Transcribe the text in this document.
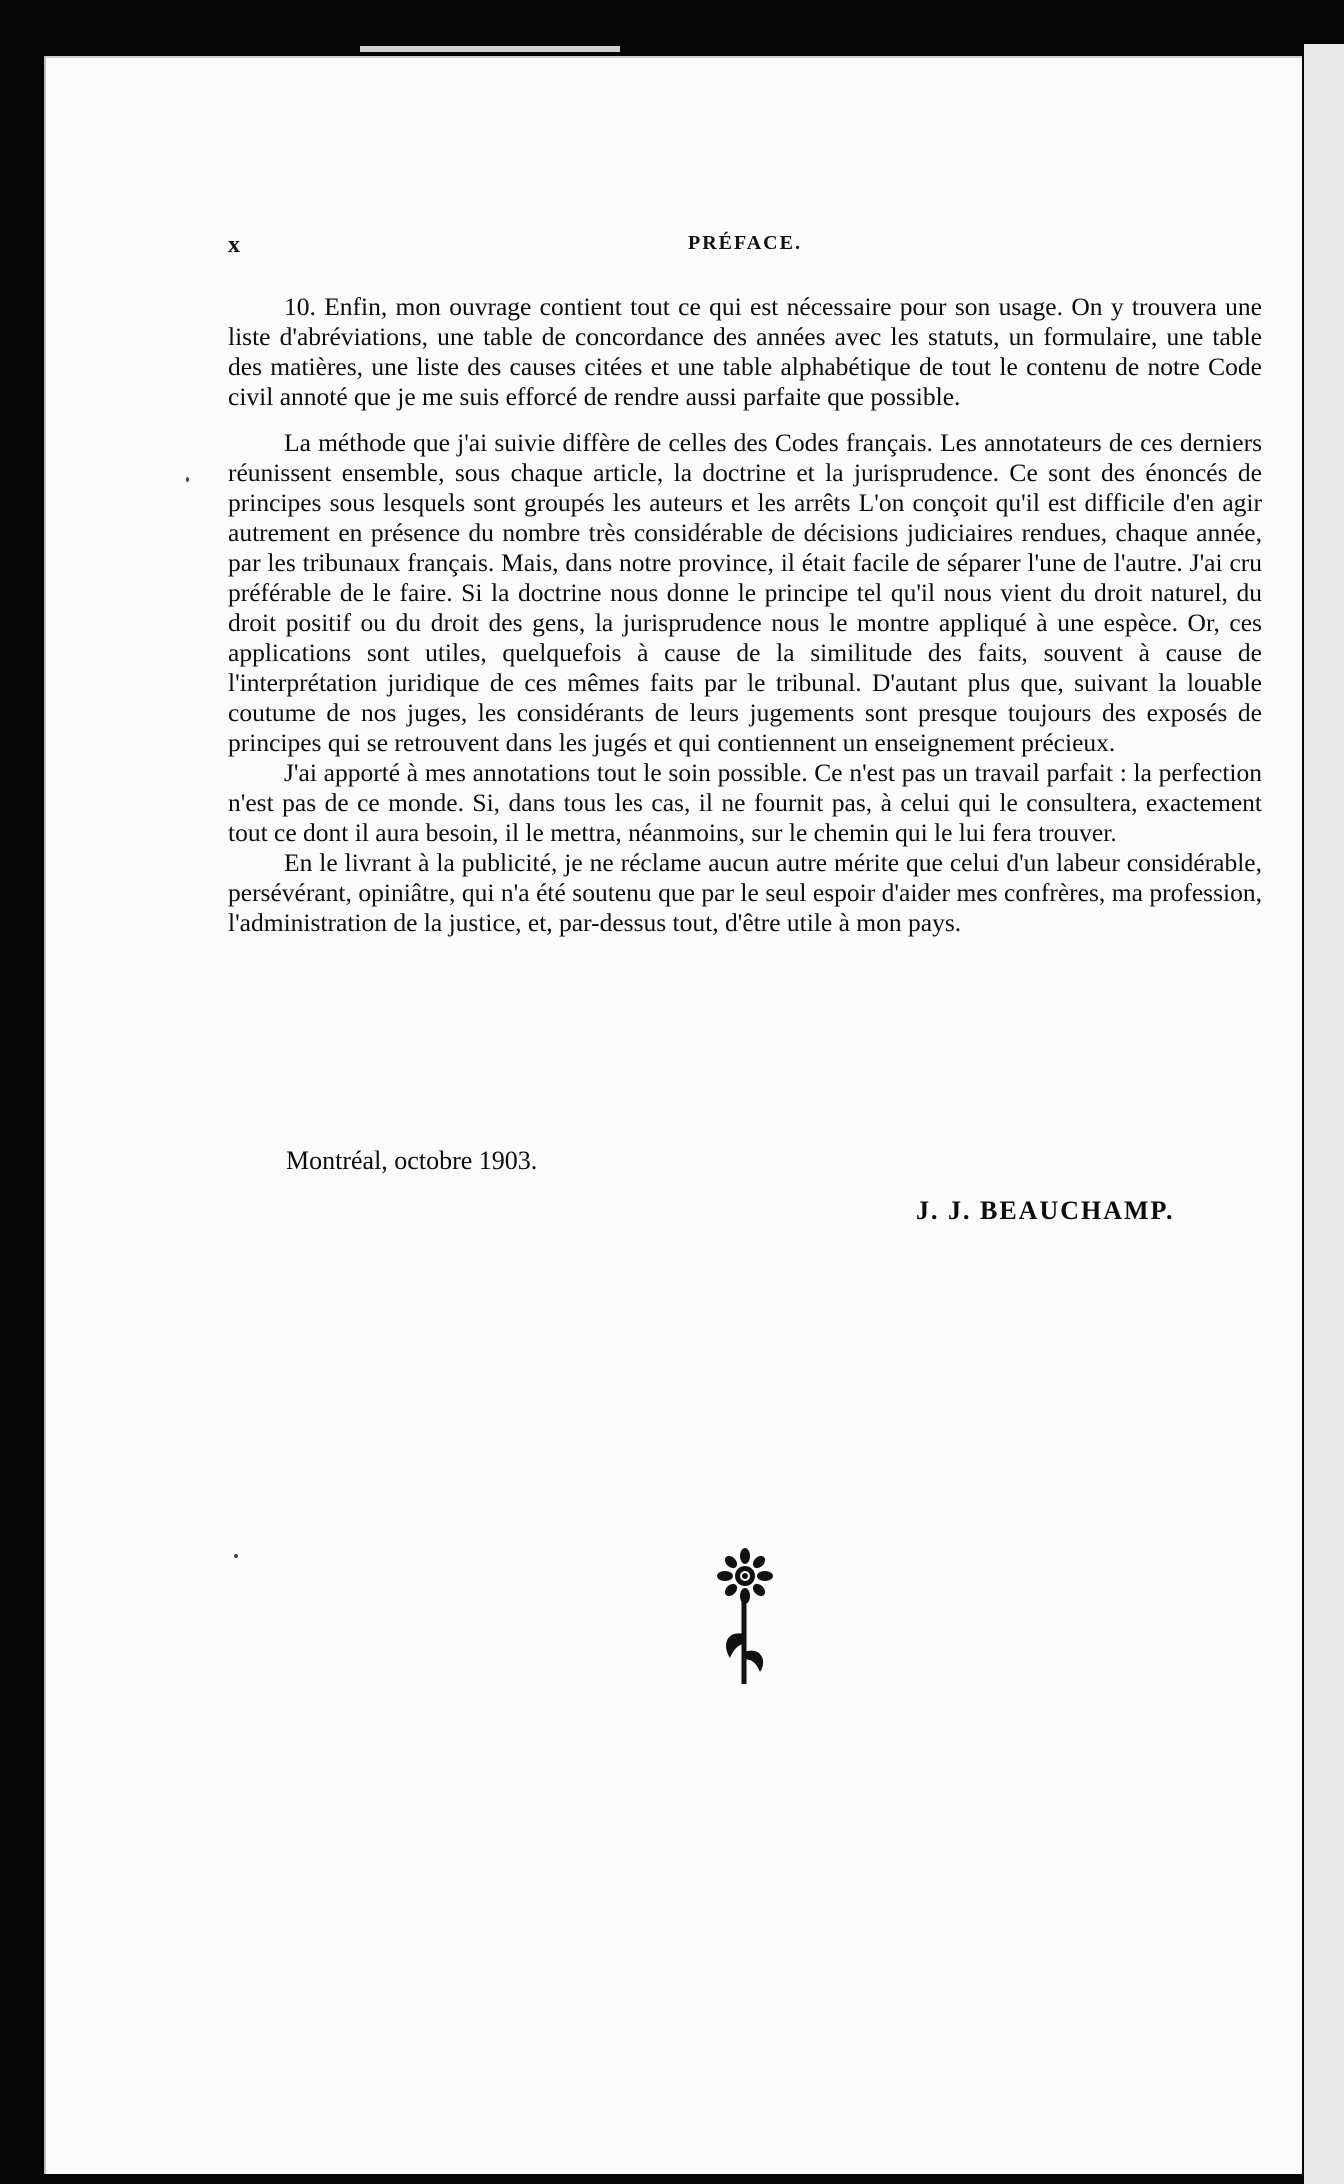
x	PRÉFACE.

10. Enfin, mon ouvrage contient tout ce qui est nécessaire pour son usage. On y trouvera une liste d'abréviations, une table de concordance des années avec les statuts, un formulaire, une table des matières, une liste des causes citées et une table alphabétique de tout le contenu de notre Code civil annoté que je me suis efforcé de rendre aussi parfaite que possible.

La méthode que j'ai suivie diffère de celles des Codes français. Les annotateurs de ces derniers réunissent ensemble, sous chaque article, la doctrine et la jurisprudence. Ce sont des énoncés de principes sous lesquels sont groupés les auteurs et les arrêts L'on conçoit qu'il est difficile d'en agir autrement en présence du nombre très considérable de décisions judiciaires rendues, chaque année, par les tribunaux français. Mais, dans notre province, il était facile de séparer l'une de l'autre. J'ai cru préférable de le faire. Si la doctrine nous donne le principe tel qu'il nous vient du droit naturel, du droit positif ou du droit des gens, la jurisprudence nous le montre appliqué à une espèce. Or, ces applications sont utiles, quelquefois à cause de la similitude des faits, souvent à cause de l'interprétation juridique de ces mêmes faits par le tribunal. D'autant plus que, suivant la louable coutume de nos juges, les considérants de leurs jugements sont presque toujours des exposés de principes qui se retrouvent dans les jugés et qui contiennent un enseignement précieux.

J'ai apporté à mes annotations tout le soin possible. Ce n'est pas un travail parfait : la perfection n'est pas de ce monde. Si, dans tous les cas, il ne fournit pas, à celui qui le consultera, exactement tout ce dont il aura besoin, il le mettra, néanmoins, sur le chemin qui le lui fera trouver.

En le livrant à la publicité, je ne réclame aucun autre mérite que celui d'un labeur considérable, persévérant, opiniâtre, qui n'a été soutenu que par le seul espoir d'aider mes confrères, ma profession, l'administration de la justice, et, par-dessus tout, d'être utile à mon pays.

Montréal, octobre 1903.
J. J. BEAUCHAMP.
